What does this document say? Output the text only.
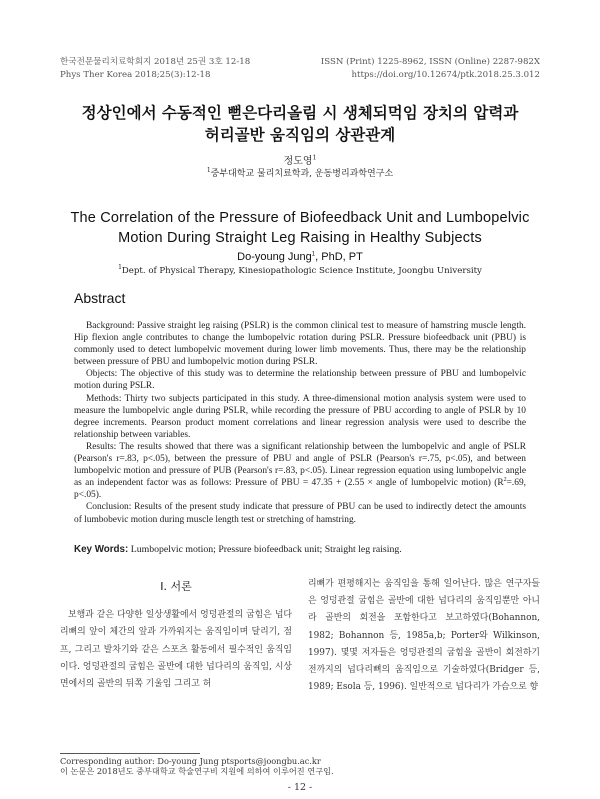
한국전문물리치료학회지 2018년 25권 3호 12-18
Phys Ther Korea 2018;25(3):12-18
ISSN (Print) 1225-8962, ISSN (Online) 2287-982X
https://doi.org/10.12674/ptk.2018.25.3.012
정상인에서 수동적인 뻗은다리올림 시 생체되먹임 장치의 압력과
허리골반 움직임의 상관관계
정도영$^1$
$^1$중부대학교 물리치료학과, 운동병리과학연구소
The Correlation of the Pressure of Biofeedback Unit and Lumbopelvic
Motion During Straight Leg Raising in Healthy Subjects
Do-young Jung$^1$, PhD, PT
$^1$Dept. of Physical Therapy, Kinesiopathologic Science Institute, Joongbu University
Abstract

Background: Passive straight leg raising (PSLR) is the common clinical test to measure of hamstring muscle length. Hip flexion angle contributes to change the lumbopelvic rotation during PSLR. Pressure biofeedback unit (PBU) is commonly used to detect lumbopelvic movement during lower limb movements. Thus, there may be the relationship between pressure of PBU and lumbopelvic motion during PSLR.

Objects: The objective of this study was to determine the relationship between pressure of PBU and lumbopelvic motion during PSLR.

Methods: Thirty two subjects participated in this study. A three-dimensional motion analysis system were used to measure the lumbopelvic angle during PSLR, while recording the pressure of PBU according to angle of PSLR by 10 degree increments. Pearson product moment correlations and linear regression analysis were used to describe the relationship between variables.

Results: The results showed that there was a significant relationship between the lumbopelvic and angle of PSLR (Pearson's r=.83, p<.05), between the pressure of PBU and angle of PSLR (Pearson's r=.75, p<.05), and between lumbopelvic motion and pressure of PUB (Pearson's r=.83, p<.05). Linear regression equation using lumbopelvic angle as an independent factor was as follows: Pressure of PBU = 47.35 + (2.55 × angle of lumbopelvic motion) ($R^2=.69$, p<.05).

Conclusion: Results of the present study indicate that pressure of PBU can be used to indirectly detect the amounts of lumbobevic motion during muscle length test or stretching of hamstring.

Key Words: Lumbopelvic motion; Pressure biofeedback unit; Straight leg raising.
Ⅰ. 서론

보행과 같은 다양한 일상생활에서 엉덩관절의 굽힘은 넙다리뼈의 앞이 체간의 앞과 가까워지는 움직임이며 달리기, 점프, 그리고 발차기와 같은 스포츠 활동에서 필수적인 움직임이다. 엉덩관절의 굽힘은 골반에 대한 넙다리의 움직임, 시상면에서의 골반의 뒤쪽 기울임 그리고 허

리뼈가 편평해지는 움직임을 통해 일어난다. 많은 연구자들은 엉덩관절 굽힘은 골반에 대한 넙다리의 움직임뿐만 아니라 골반의 회전을 포함한다고 보고하였다(Bohannon, 1982; Bohannon 등, 1985a,b; Porter와 Wilkinson, 1997). 몇몇 저자들은 엉덩관절의 굽힘을 골반이 회전하기 전까지의 넙다리뼈의 움직임으로 기술하였다(Bridger 등, 1989; Esola 등, 1996). 일반적으로 넙다리가 가슴으로 향

Corresponding author: Do-young Jung ptsports@joongbu.ac.kr
이 논문은 2018년도 중부대학교 학술연구비 지원에 의하여 이루어진 연구임.
- 12 -
